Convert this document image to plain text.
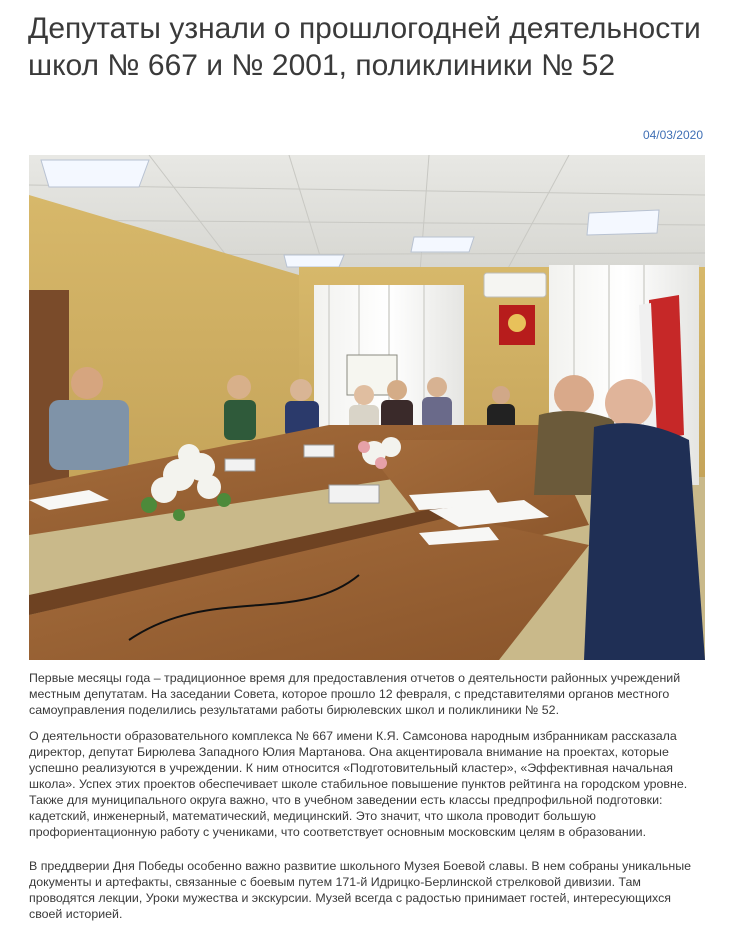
Депутаты узнали о прошлогодней деятельности школ № 667 и № 2001, поликлиники № 52
04/03/2020

Первые месяцы года – традиционное время для предоставления отчетов о деятельности районных учреждений местным депутатам. На заседании Совета, которое прошло 12 февраля, с представителями органов местного самоуправления поделились результатами работы бирюлевских школ и поликлиники № 52.

О деятельности образовательного комплекса № 667 имени К.Я. Самсонова народным избранникам рассказала директор, депутат Бирюлева Западного Юлия Мартанова. Она акцентировала внимание на проектах, которые успешно реализуются в учреждении. К ним относится «Подготовительный кластер», «Эффективная начальная школа». Успех этих проектов обеспечивает школе стабильное повышение пунктов рейтинга на городском уровне. Также для муниципального округа важно, что в учебном заведении есть классы предпрофильной подготовки: кадетский, инженерный, математический, медицинский. Это значит, что школа проводит большую профориентационную работу с учениками, что соответствует основным московским целям в образовании.

В преддверии Дня Победы особенно важно развитие школьного Музея Боевой славы. В нем собраны уникальные документы и артефакты, связанные с боевым путем 171-й Идрицко-Берлинской стрелковой дивизии. Там проводятся лекции, Уроки мужества и экскурсии. Музей всегда с радостью принимает гостей, интересующихся своей историей.
